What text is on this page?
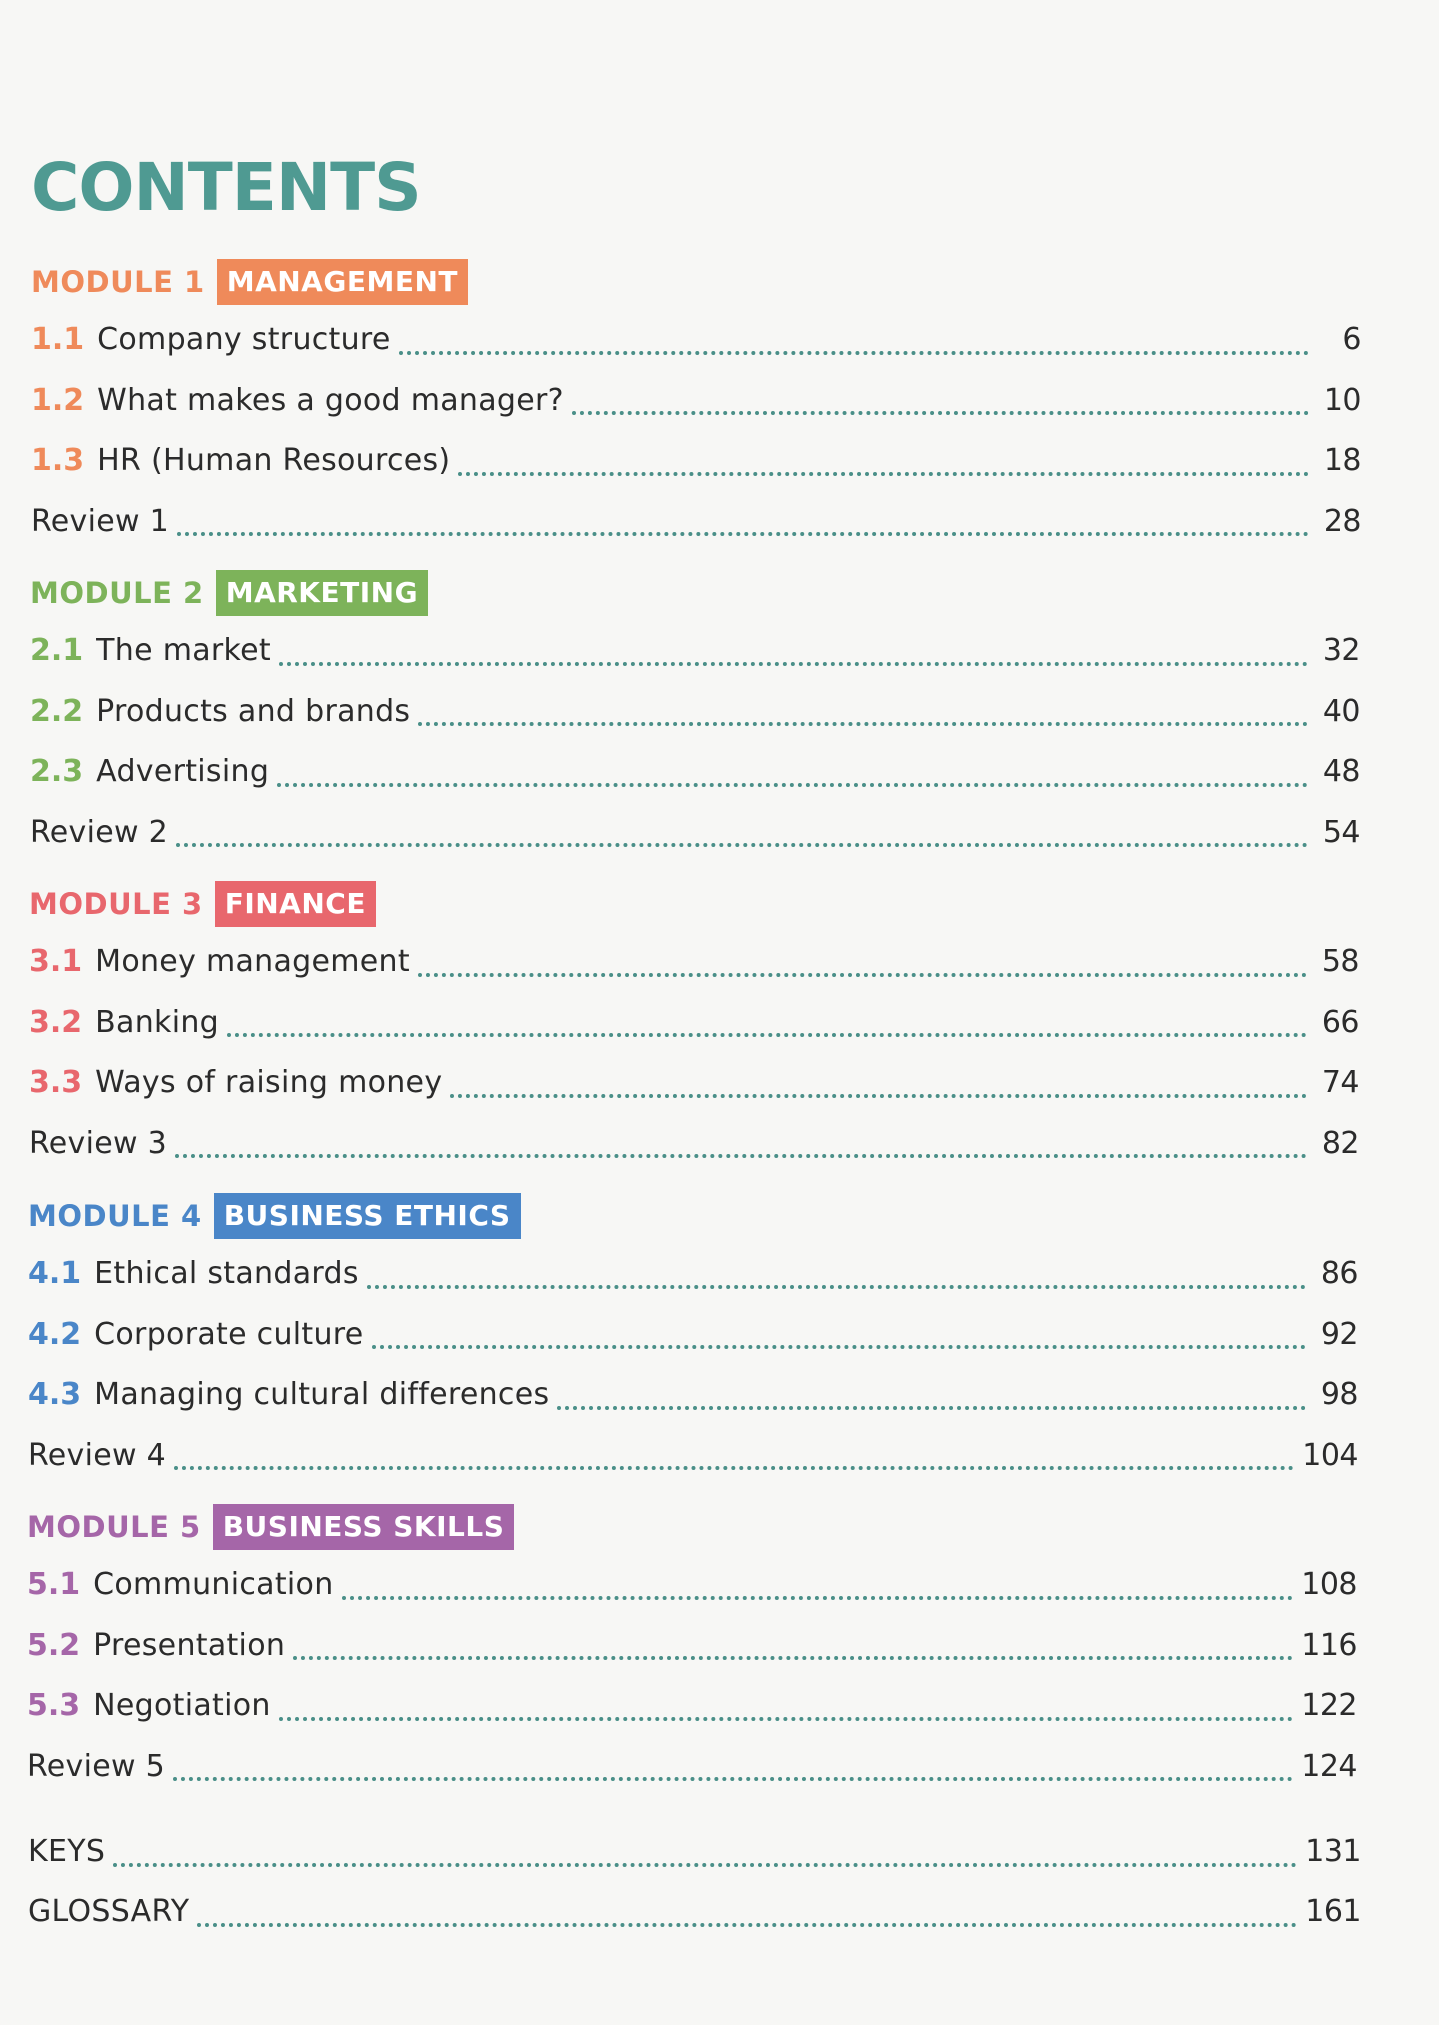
CONTENTS
MODULE 1 MANAGEMENT
1.1 Company structure	6
1.2 What makes a good manager?	10
1.3 HR (Human Resources)	18
Review 1	28
MODULE 2 MARKETING
2.1 The market	32
2.2 Products and brands	40
2.3 Advertising	48
Review 2	54
MODULE 3 FINANCE
3.1 Money management	58
3.2 Banking	66
3.3 Ways of raising money	74
Review 3	82
MODULE 4 BUSINESS ETHICS
4.1 Ethical standards	86
4.2 Corporate culture	92
4.3 Managing cultural differences	98
Review 4	104
MODULE 5 BUSINESS SKILLS
5.1 Communication	108
5.2 Presentation	116
5.3 Negotiation	122
Review 5	124
KEYS	131
GLOSSARY	161
